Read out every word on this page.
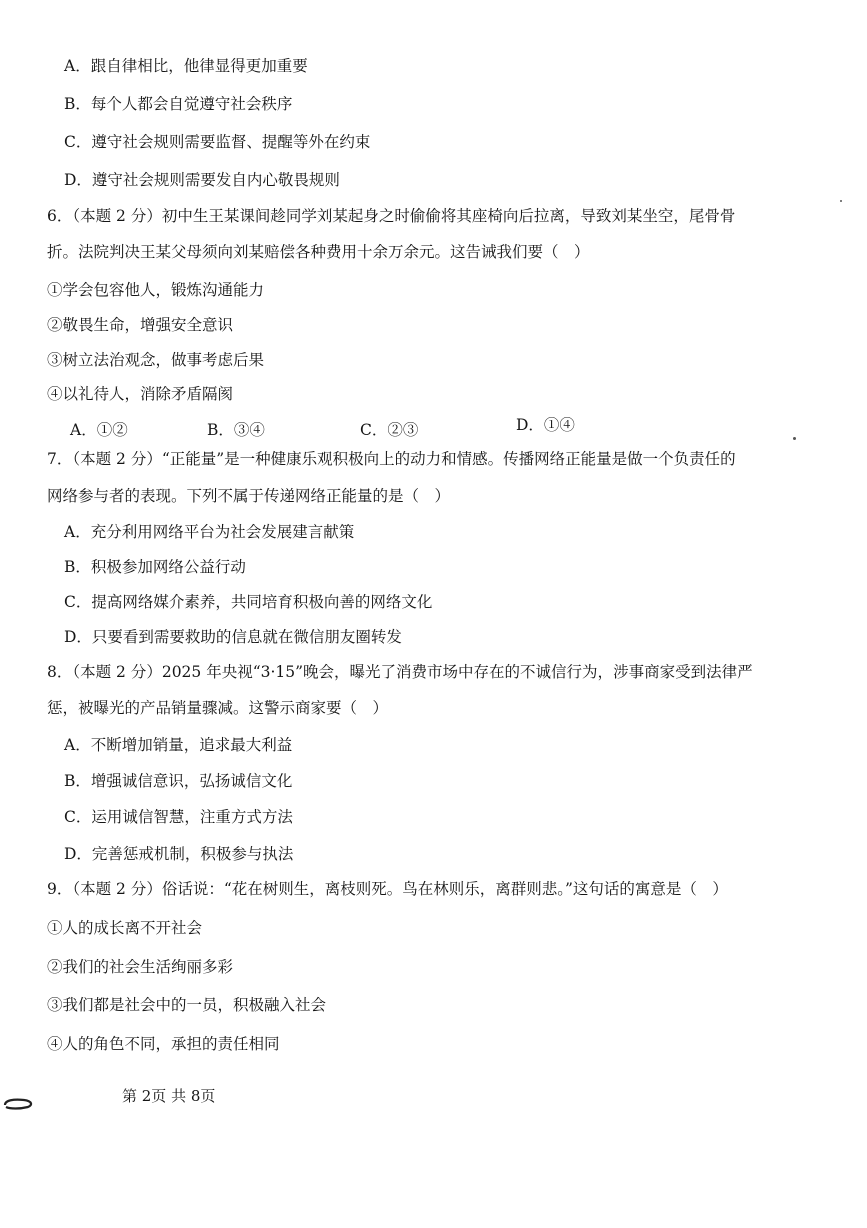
A．跟自律相比，他律显得更加重要
B．每个人都会自觉遵守社会秩序
C．遵守社会规则需要监督、提醒等外在约束
D．遵守社会规则需要发自内心敬畏规则
6．（本题 2 分）初中生王某课间趁同学刘某起身之时偷偷将其座椅向后拉离，导致刘某坐空，尾骨骨
折。法院判决王某父母须向刘某赔偿各种费用十余万余元。这告诫我们要（　）
①学会包容他人，锻炼沟通能力
②敬畏生命，增强安全意识
③树立法治观念，做事考虑后果
④以礼待人，消除矛盾隔阂
A．①②	B．③④	C．②③	D．①④
7．（本题 2 分）“正能量”是一种健康乐观积极向上的动力和情感。传播网络正能量是做一个负责任的
网络参与者的表现。下列不属于传递网络正能量的是（　）
A．充分利用网络平台为社会发展建言献策
B．积极参加网络公益行动
C．提高网络媒介素养，共同培育积极向善的网络文化
D．只要看到需要救助的信息就在微信朋友圈转发
8．（本题 2 分）2025 年央视“3·15”晚会，曝光了消费市场中存在的不诚信行为，涉事商家受到法律严
惩，被曝光的产品销量骤减。这警示商家要（　）
A．不断增加销量，追求最大利益
B．增强诚信意识，弘扬诚信文化
C．运用诚信智慧，注重方式方法
D．完善惩戒机制，积极参与执法
9．（本题 2 分）俗话说：“花在树则生，离枝则死。鸟在林则乐，离群则悲。”这句话的寓意是（　）
①人的成长离不开社会
②我们的社会生活绚丽多彩
③我们都是社会中的一员，积极融入社会
④人的角色不同，承担的责任相同
第 2页 共 8页
